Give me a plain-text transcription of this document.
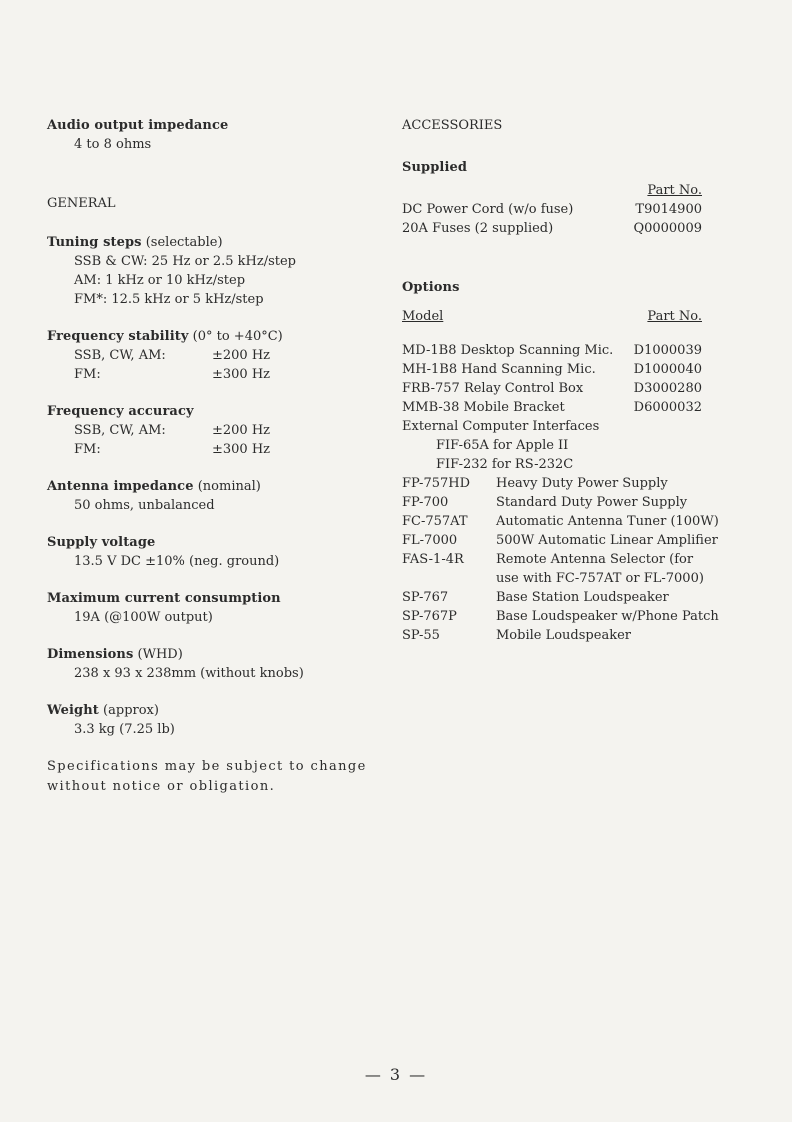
Audio output impedance
4 to 8 ohms
GENERAL
Tuning steps (selectable)
SSB & CW: 25 Hz or 2.5 kHz/step
AM: 1 kHz or 10 kHz/step
FM*: 12.5 kHz or 5 kHz/step
Frequency stability (0° to +40°C)
SSB, CW, AM:	±200 Hz
FM:	±300 Hz
Frequency accuracy
SSB, CW, AM:	±200 Hz
FM:	±300 Hz
Antenna impedance (nominal)
50 ohms, unbalanced
Supply voltage
13.5 V DC ±10% (neg. ground)
Maximum current consumption
19A (@100W output)
Dimensions (WHD)
238 x 93 x 238mm (without knobs)
Weight (approx)
3.3 kg (7.25 lb)
Specifications may be subject to change without notice or obligation.
ACCESSORIES
Supplied
Part No.
DC Power Cord (w/o fuse)	T9014900
20A Fuses (2 supplied)	Q0000009
Options
Model	Part No.
MD-1B8 Desktop Scanning Mic. D1000039
MH-1B8 Hand Scanning Mic.	D1000040
FRB-757 Relay Control Box	D3000280
MMB-38 Mobile Bracket	D6000032
External Computer Interfaces
FIF-65A for Apple II
FIF-232 for RS-232C
FP-757HD	Heavy Duty Power Supply
FP-700	Standard Duty Power Supply
FC-757AT	Automatic Antenna Tuner (100W)
FL-7000	500W Automatic Linear Amplifier
FAS-1-4R	Remote Antenna Selector (for
use with FC-757AT or FL-7000)
SP-767	Base Station Loudspeaker
SP-767P	Base Loudspeaker w/Phone Patch
SP-55	Mobile Loudspeaker
— 3 —
